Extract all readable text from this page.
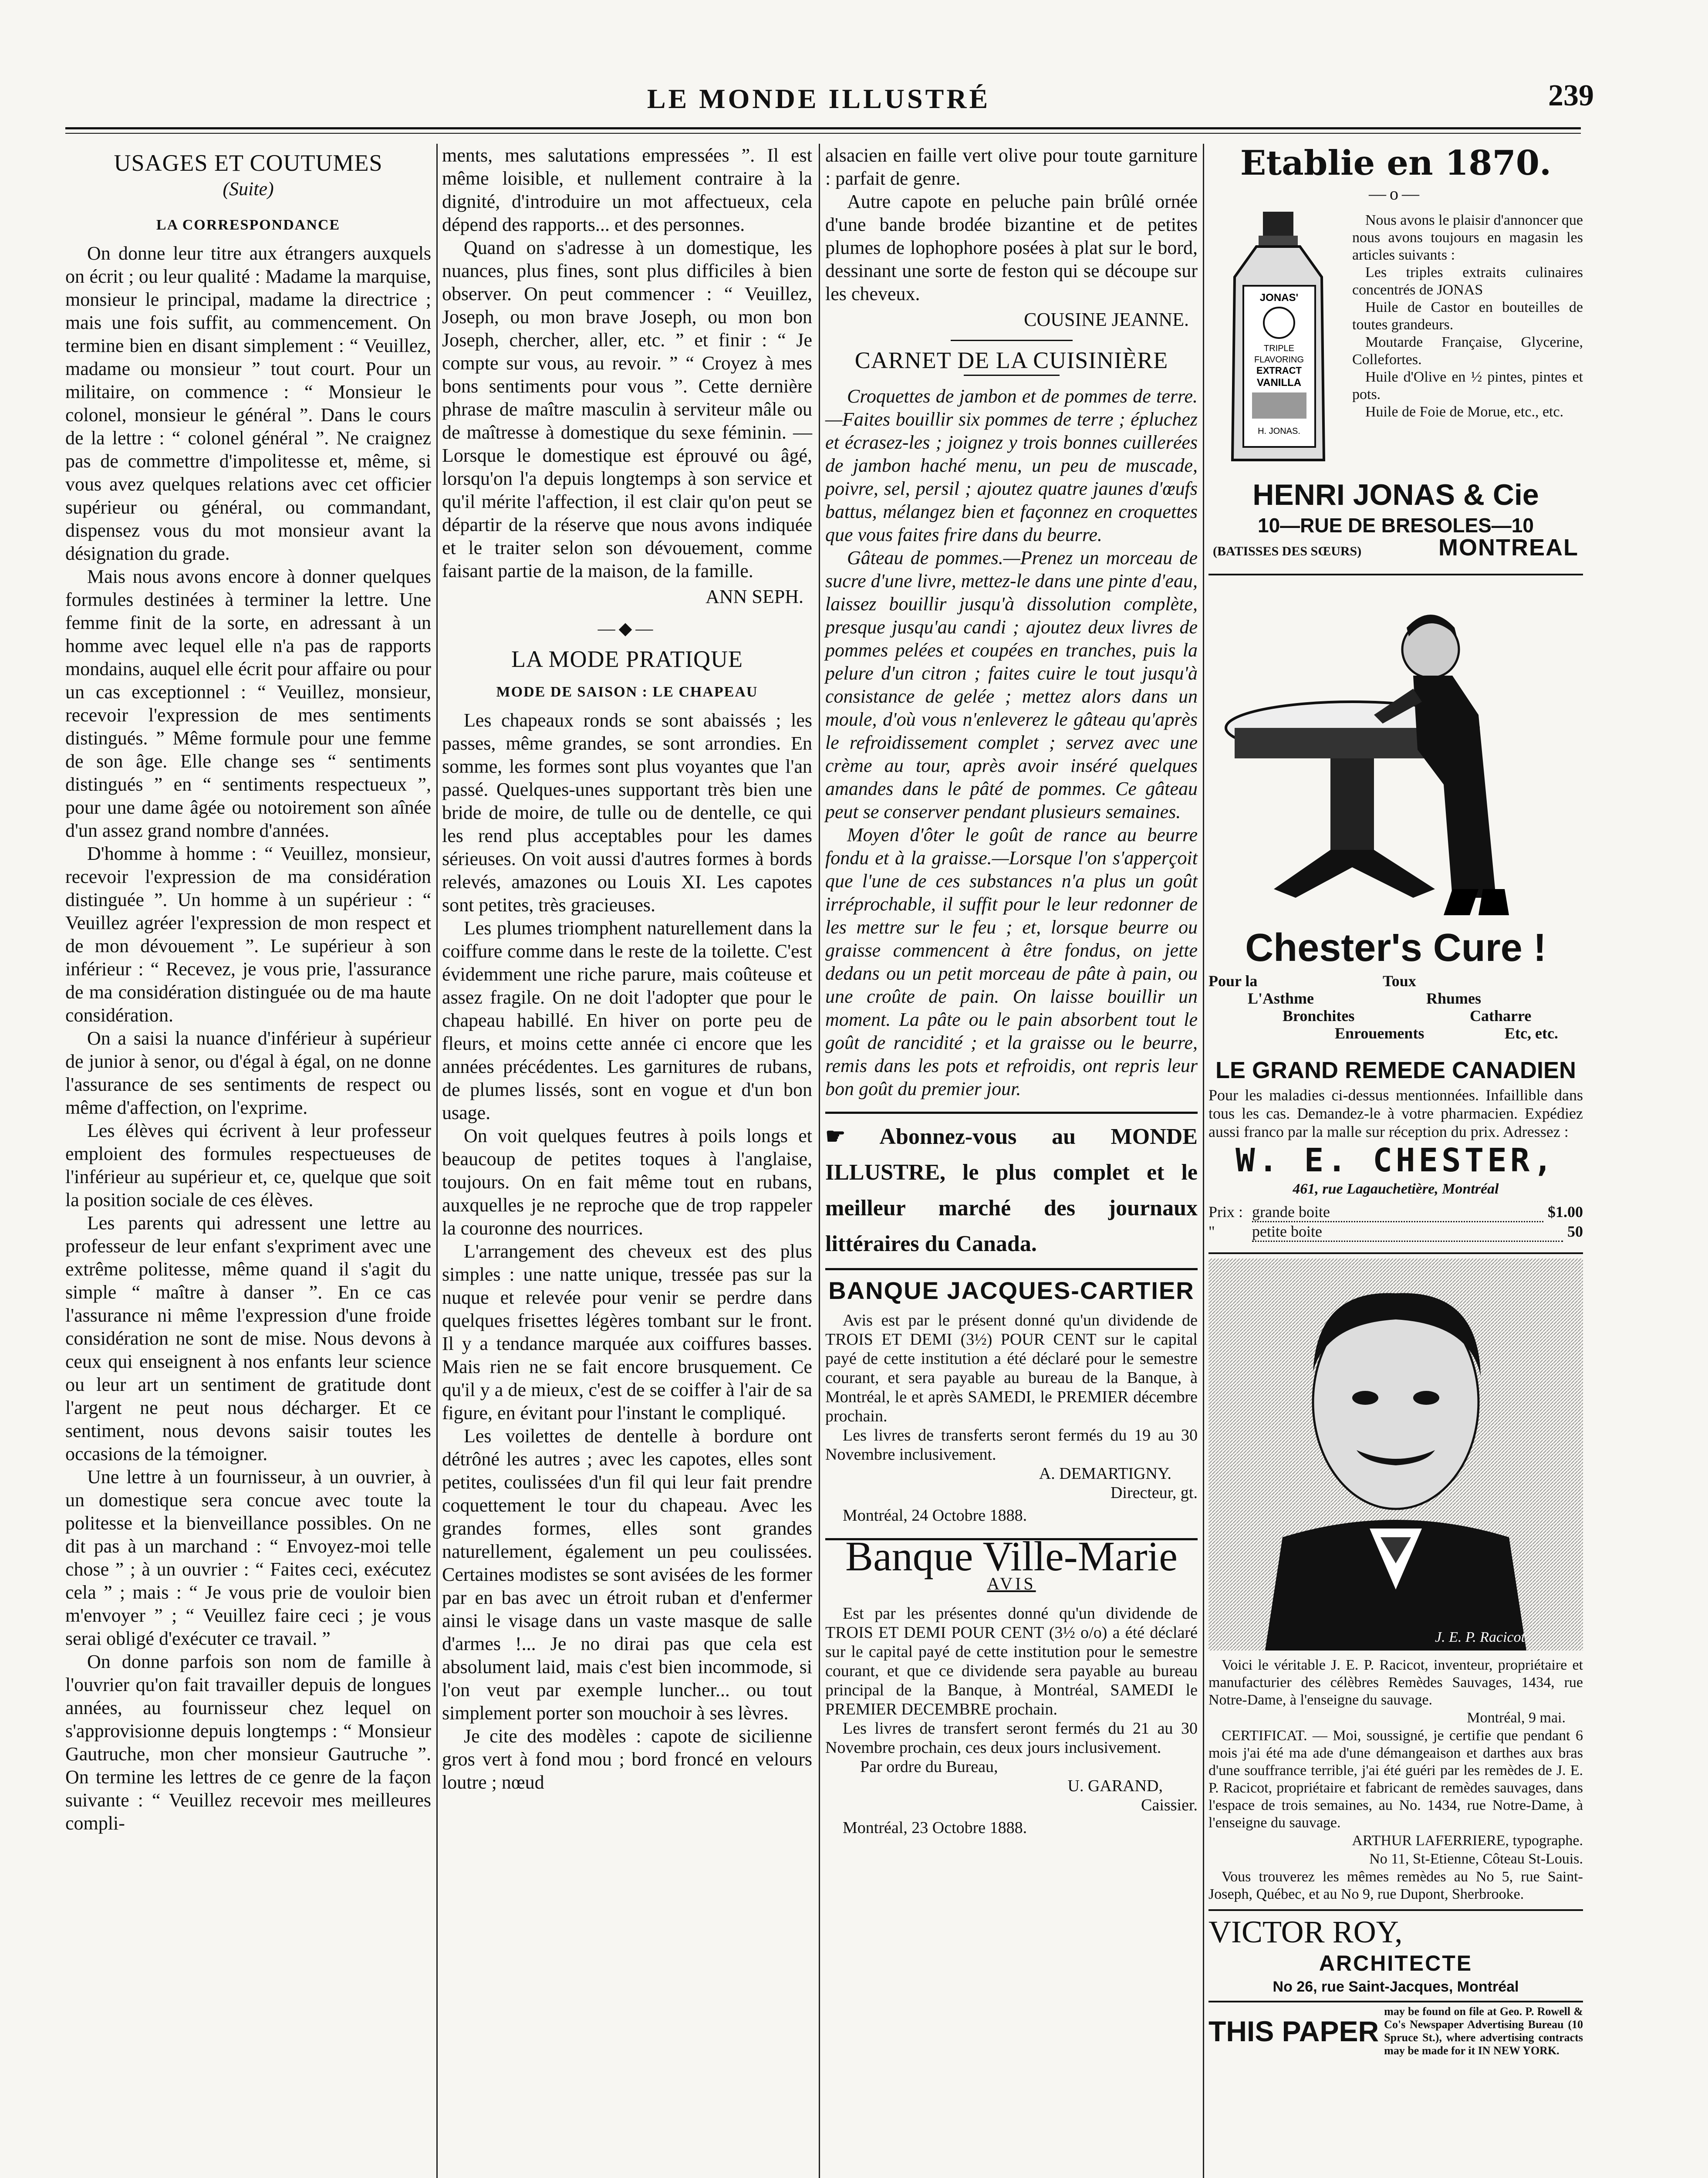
LE MONDE ILLUSTRÉ	239
USAGES ET COUTUMES
(Suite)
LA CORRESPONDANCE

On donne leur titre aux étrangers auxquels on écrit ; ou leur qualité : Madame la marquise, monsieur le principal, madame la directrice ; mais une fois suffit, au commencement. On termine bien en disant simplement : “ Veuillez, madame ou monsieur ” tout court. Pour un militaire, on commence : “ Monsieur le colonel, monsieur le général ”. Dans le cours de la lettre : “ colonel général ”. Ne craignez pas de commettre d'impolitesse et, même, si vous avez quelques relations avec cet officier supérieur ou général, ou commandant, dispensez vous du mot monsieur avant la désignation du grade.

Mais nous avons encore à donner quelques formules destinées à terminer la lettre. Une femme finit de la sorte, en adressant à un homme avec lequel elle n'a pas de rapports mondains, auquel elle écrit pour affaire ou pour un cas exceptionnel : “ Veuillez, monsieur, recevoir l'expression de mes sentiments distingués. ” Même formule pour une femme de son âge. Elle change ses “ sentiments distingués ” en “ sentiments respectueux ”, pour une dame âgée ou notoirement son aînée d'un assez grand nombre d'années.

D'homme à homme : “ Veuillez, monsieur, recevoir l'expression de ma considération distinguée ”. Un homme à un supérieur : “ Veuillez agréer l'expression de mon respect et de mon dévouement ”. Le supérieur à son inférieur : “ Recevez, je vous prie, l'assurance de ma considération distinguée ou de ma haute considération.

On a saisi la nuance d'inférieur à supérieur de junior à senor, ou d'égal à égal, on ne donne l'assurance de ses sentiments de respect ou même d'affection, on l'exprime.

Les élèves qui écrivent à leur professeur emploient des formules respectueuses de l'inférieur au supérieur et, ce, quelque que soit la position sociale de ces élèves.

Les parents qui adressent une lettre au professeur de leur enfant s'expriment avec une extrême politesse, même quand il s'agit du simple “ maître à danser ”. En ce cas l'assurance ni même l'expression d'une froide considération ne sont de mise. Nous devons à ceux qui enseignent à nos enfants leur science ou leur art un sentiment de gratitude dont l'argent ne peut nous décharger. Et ce sentiment, nous devons saisir toutes les occasions de la témoigner.

Une lettre à un fournisseur, à un ouvrier, à un domestique sera concue avec toute la politesse et la bienveillance possibles. On ne dit pas à un marchand : “ Envoyez-moi telle chose ” ; à un ouvrier : “ Faites ceci, exécutez cela ” ; mais : “ Je vous prie de vouloir bien m'envoyer ” ; “ Veuillez faire ceci ; je vous serai obligé d'exécuter ce travail. ”

On donne parfois son nom de famille à l'ouvrier qu'on fait travailler depuis de longues années, au fournisseur chez lequel on s'approvisionne depuis longtemps : “ Monsieur Gautruche, mon cher monsieur Gautruche ”. On termine les lettres de ce genre de la façon suivante : “ Veuillez recevoir mes meilleures compli-

ments, mes salutations empressées ”. Il est même loisible, et nullement contraire à la dignité, d'introduire un mot affectueux, cela dépend des rapports... et des personnes.

Quand on s'adresse à un domestique, les nuances, plus fines, sont plus difficiles à bien observer. On peut commencer : “ Veuillez, Joseph, ou mon brave Joseph, ou mon bon Joseph, chercher, aller, etc. ” et finir : “ Je compte sur vous, au revoir. ” “ Croyez à mes bons sentiments pour vous ”. Cette dernière phrase de maître masculin à serviteur mâle ou de maîtresse à domestique du sexe féminin. — Lorsque le domestique est éprouvé ou âgé, lorsqu'on l'a depuis longtemps à son service et qu'il mérite l'affection, il est clair qu'on peut se départir de la réserve que nous avons indiquée et le traiter selon son dévouement, comme faisant partie de la maison, de la famille.

ANN SEPH.
—◆—
LA MODE PRATIQUE
MODE DE SAISON : LE CHAPEAU

Les chapeaux ronds se sont abaissés ; les passes, même grandes, se sont arrondies. En somme, les formes sont plus voyantes que l'an passé. Quelques-unes supportant très bien une bride de moire, de tulle ou de dentelle, ce qui les rend plus acceptables pour les dames sérieuses. On voit aussi d'autres formes à bords relevés, amazones ou Louis XI. Les capotes sont petites, très gracieuses.

Les plumes triomphent naturellement dans la coiffure comme dans le reste de la toilette. C'est évidemment une riche parure, mais coûteuse et assez fragile. On ne doit l'adopter que pour le chapeau habillé. En hiver on porte peu de fleurs, et moins cette année ci encore que les années précédentes. Les garnitures de rubans, de plumes lissés, sont en vogue et d'un bon usage.

On voit quelques feutres à poils longs et beaucoup de petites toques à l'anglaise, toujours. On en fait même tout en rubans, auxquelles je ne reproche que de trop rappeler la couronne des nourrices.

L'arrangement des cheveux est des plus simples : une natte unique, tressée pas sur la nuque et relevée pour venir se perdre dans quelques frisettes légères tombant sur le front. Il y a tendance marquée aux coiffures basses. Mais rien ne se fait encore brusquement. Ce qu'il y a de mieux, c'est de se coiffer à l'air de sa figure, en évitant pour l'instant le compliqué.

Les voilettes de dentelle à bordure ont détrôné les autres ; avec les capotes, elles sont petites, coulissées d'un fil qui leur fait prendre coquettement le tour du chapeau. Avec les grandes formes, elles sont grandes naturellement, également un peu coulissées. Certaines modistes se sont avisées de les former par en bas avec un étroit ruban et d'enfermer ainsi le visage dans un vaste masque de salle d'armes !... Je no dirai pas que cela est absolument laid, mais c'est bien incommode, si l'on veut par exemple luncher... ou tout simplement porter son mouchoir à ses lèvres.

Je cite des modèles : capote de sicilienne gros vert à fond mou ; bord froncé en velours loutre ; nœud

alsacien en faille vert olive pour toute garniture : parfait de genre.

Autre capote en peluche pain brûlé ornée d'une bande brodée bizantine et de petites plumes de lophophore posées à plat sur le bord, dessinant une sorte de feston qui se découpe sur les cheveux.

COUSINE JEANNE.
CARNET DE LA CUISINIÈRE

Croquettes de jambon et de pommes de terre.—Faites bouillir six pommes de terre ; épluchez et écrasez-les ; joignez y trois bonnes cuillerées de jambon haché menu, un peu de muscade, poivre, sel, persil ; ajoutez quatre jaunes d'œufs battus, mélangez bien et façonnez en croquettes que vous faites frire dans du beurre.

Gâteau de pommes.—Prenez un morceau de sucre d'une livre, mettez-le dans une pinte d'eau, laissez bouillir jusqu'à dissolution complète, presque jusqu'au candi ; ajoutez deux livres de pommes pelées et coupées en tranches, puis la pelure d'un citron ; faites cuire le tout jusqu'à consistance de gelée ; mettez alors dans un moule, d'où vous n'enleverez le gâteau qu'après le refroidissement complet ; servez avec une crème au tour, après avoir inséré quelques amandes dans le pâté de pommes. Ce gâteau peut se conserver pendant plusieurs semaines.

Moyen d'ôter le goût de rance au beurre fondu et à la graisse.—Lorsque l'on s'apperçoit que l'une de ces substances n'a plus un goût irréprochable, il suffit pour le leur redonner de les mettre sur le feu ; et, lorsque beurre ou graisse commencent à être fondus, on jette dedans ou un petit morceau de pâte à pain, ou une croûte de pain. On laisse bouillir un moment. La pâte ou le pain absorbent tout le goût de rancidité ; et la graisse ou le beurre, remis dans les pots et refroidis, ont repris leur bon goût du premier jour.

☛ Abonnez-vous au MONDE ILLUSTRE, le plus complet et le meilleur marché des journaux littéraires du Canada.
BANQUE JACQUES-CARTIER

Avis est par le présent donné qu'un dividende de TROIS ET DEMI (3½) POUR CENT sur le capital payé de cette institution a été déclaré pour le semestre courant, et sera payable au bureau de la Banque, à Montréal, le et après SAMEDI, le PREMIER décembre prochain.

Les livres de transferts seront fermés du 19 au 30 Novembre inclusivement.

A. DEMARTIGNY.
Directeur, gt.
Montréal, 24 Octobre 1888.
Banque Ville-Marie
AVIS

Est par les présentes donné qu'un dividende de TROIS ET DEMI POUR CENT (3½ o/o) a été déclaré sur le capital payé de cette institution pour le semestre courant, et que ce dividende sera payable au bureau principal de la Banque, à Montréal, SAMEDI le PREMIER DECEMBRE prochain.

Les livres de transfert seront fermés du 21 au 30 Novembre prochain, ces deux jours inclusivement.

Par ordre du Bureau,
U. GARAND,
Caissier.
Montréal, 23 Octobre 1888.
Etablie en 1870.
—o—
JONAS'
TRIPLE
FLAVORING
EXTRACT
VANILLA
H. JONAS.
Nous avons le plaisir d'annoncer que nous avons toujours en magasin les articles suivants :
Les triples extraits culinaires concentrés de JONAS
Huile de Castor en bouteilles de toutes grandeurs.
Moutarde Française, Glycerine, Collefortes.
Huile d'Olive en ½ pintes, pintes et pots.
Huile de Foie de Morue, etc., etc.
HENRI JONAS & Cie
10—RUE DE BRESOLES—10
(BATISSES DES SŒURS)	MONTREAL
Chester's Cure !
Pour la	Toux
L'Asthme	Rhumes
Bronchites	Catharre
Enrouements	Etc, etc.
LE GRAND REMEDE CANADIEN
Pour les maladies ci-dessus mentionnées. Infaillible dans tous les cas. Demandez-le à votre pharmacien. Expédiez aussi franco par la malle sur réception du prix. Adressez :
W. E. CHESTER,
461, rue Lagauchetière, Montréal
Prix : grande boite	$1.00
"	petite boite	50
J. E. P. Racicot
Voici le véritable J. E. P. Racicot, inventeur, propriétaire et manufacturier des célèbres Remèdes Sauvages, 1434, rue Notre-Dame, à l'enseigne du sauvage.
Montréal, 9 mai.
CERTIFICAT. — Moi, soussigné, je certifie que pendant 6 mois j'ai été ma ade d'une démangeaison et darthes aux bras d'une souffrance terrible, j'ai été guéri par les remèdes de J. E. P. Racicot, propriétaire et fabricant de remèdes sauvages, dans l'espace de trois semaines, au No. 1434, rue Notre-Dame, à l'enseigne du sauvage.
ARTHUR LAFERRIERE, typographe.
No 11, St-Etienne, Côteau St-Louis.
Vous trouverez les mêmes remèdes au No 5, rue Saint-Joseph, Québec, et au No 9, rue Dupont, Sherbrooke.
VICTOR ROY,
ARCHITECTE
No 26, rue Saint-Jacques, Montréal
THIS PAPER
may be found on file at Geo. P. Rowell & Co's Newspaper Advertising Bureau (10 Spruce St.), where advertising contracts may be made for it IN NEW YORK.
